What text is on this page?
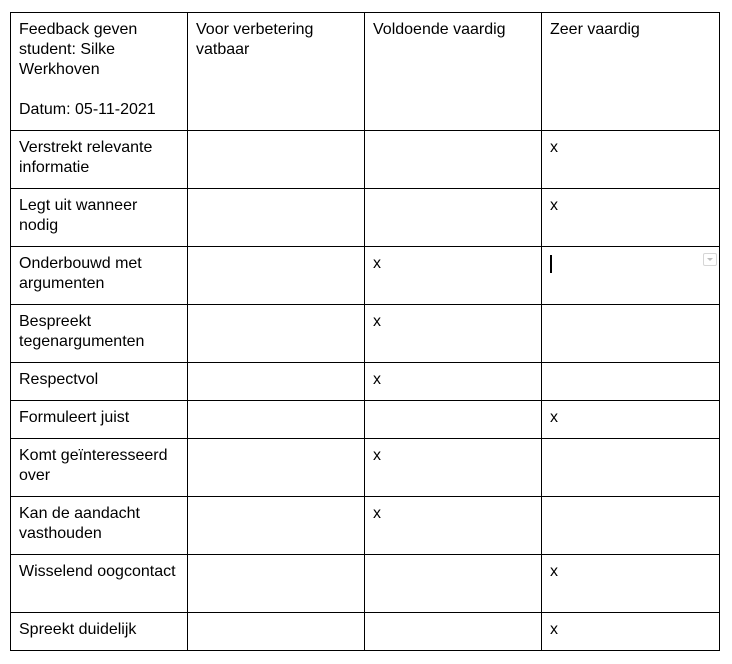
Feedback geven student: Silke Werkhoven
Datum: 05-11-2021	Voor verbetering vatbaar	Voldoende vaardig	Zeer vaardig
Verstrekt relevante informatie			x
Legt uit wanneer nodig			x
Onderbouwd met argumenten		x	

Bespreekt tegenargumenten		x	
Respectvol		x	
Formuleert juist			x
Komt geïnteresseerd over		x	
Kan de aandacht vasthouden		x	
Wisselend oogcontact			x
Spreekt duidelijk			x
